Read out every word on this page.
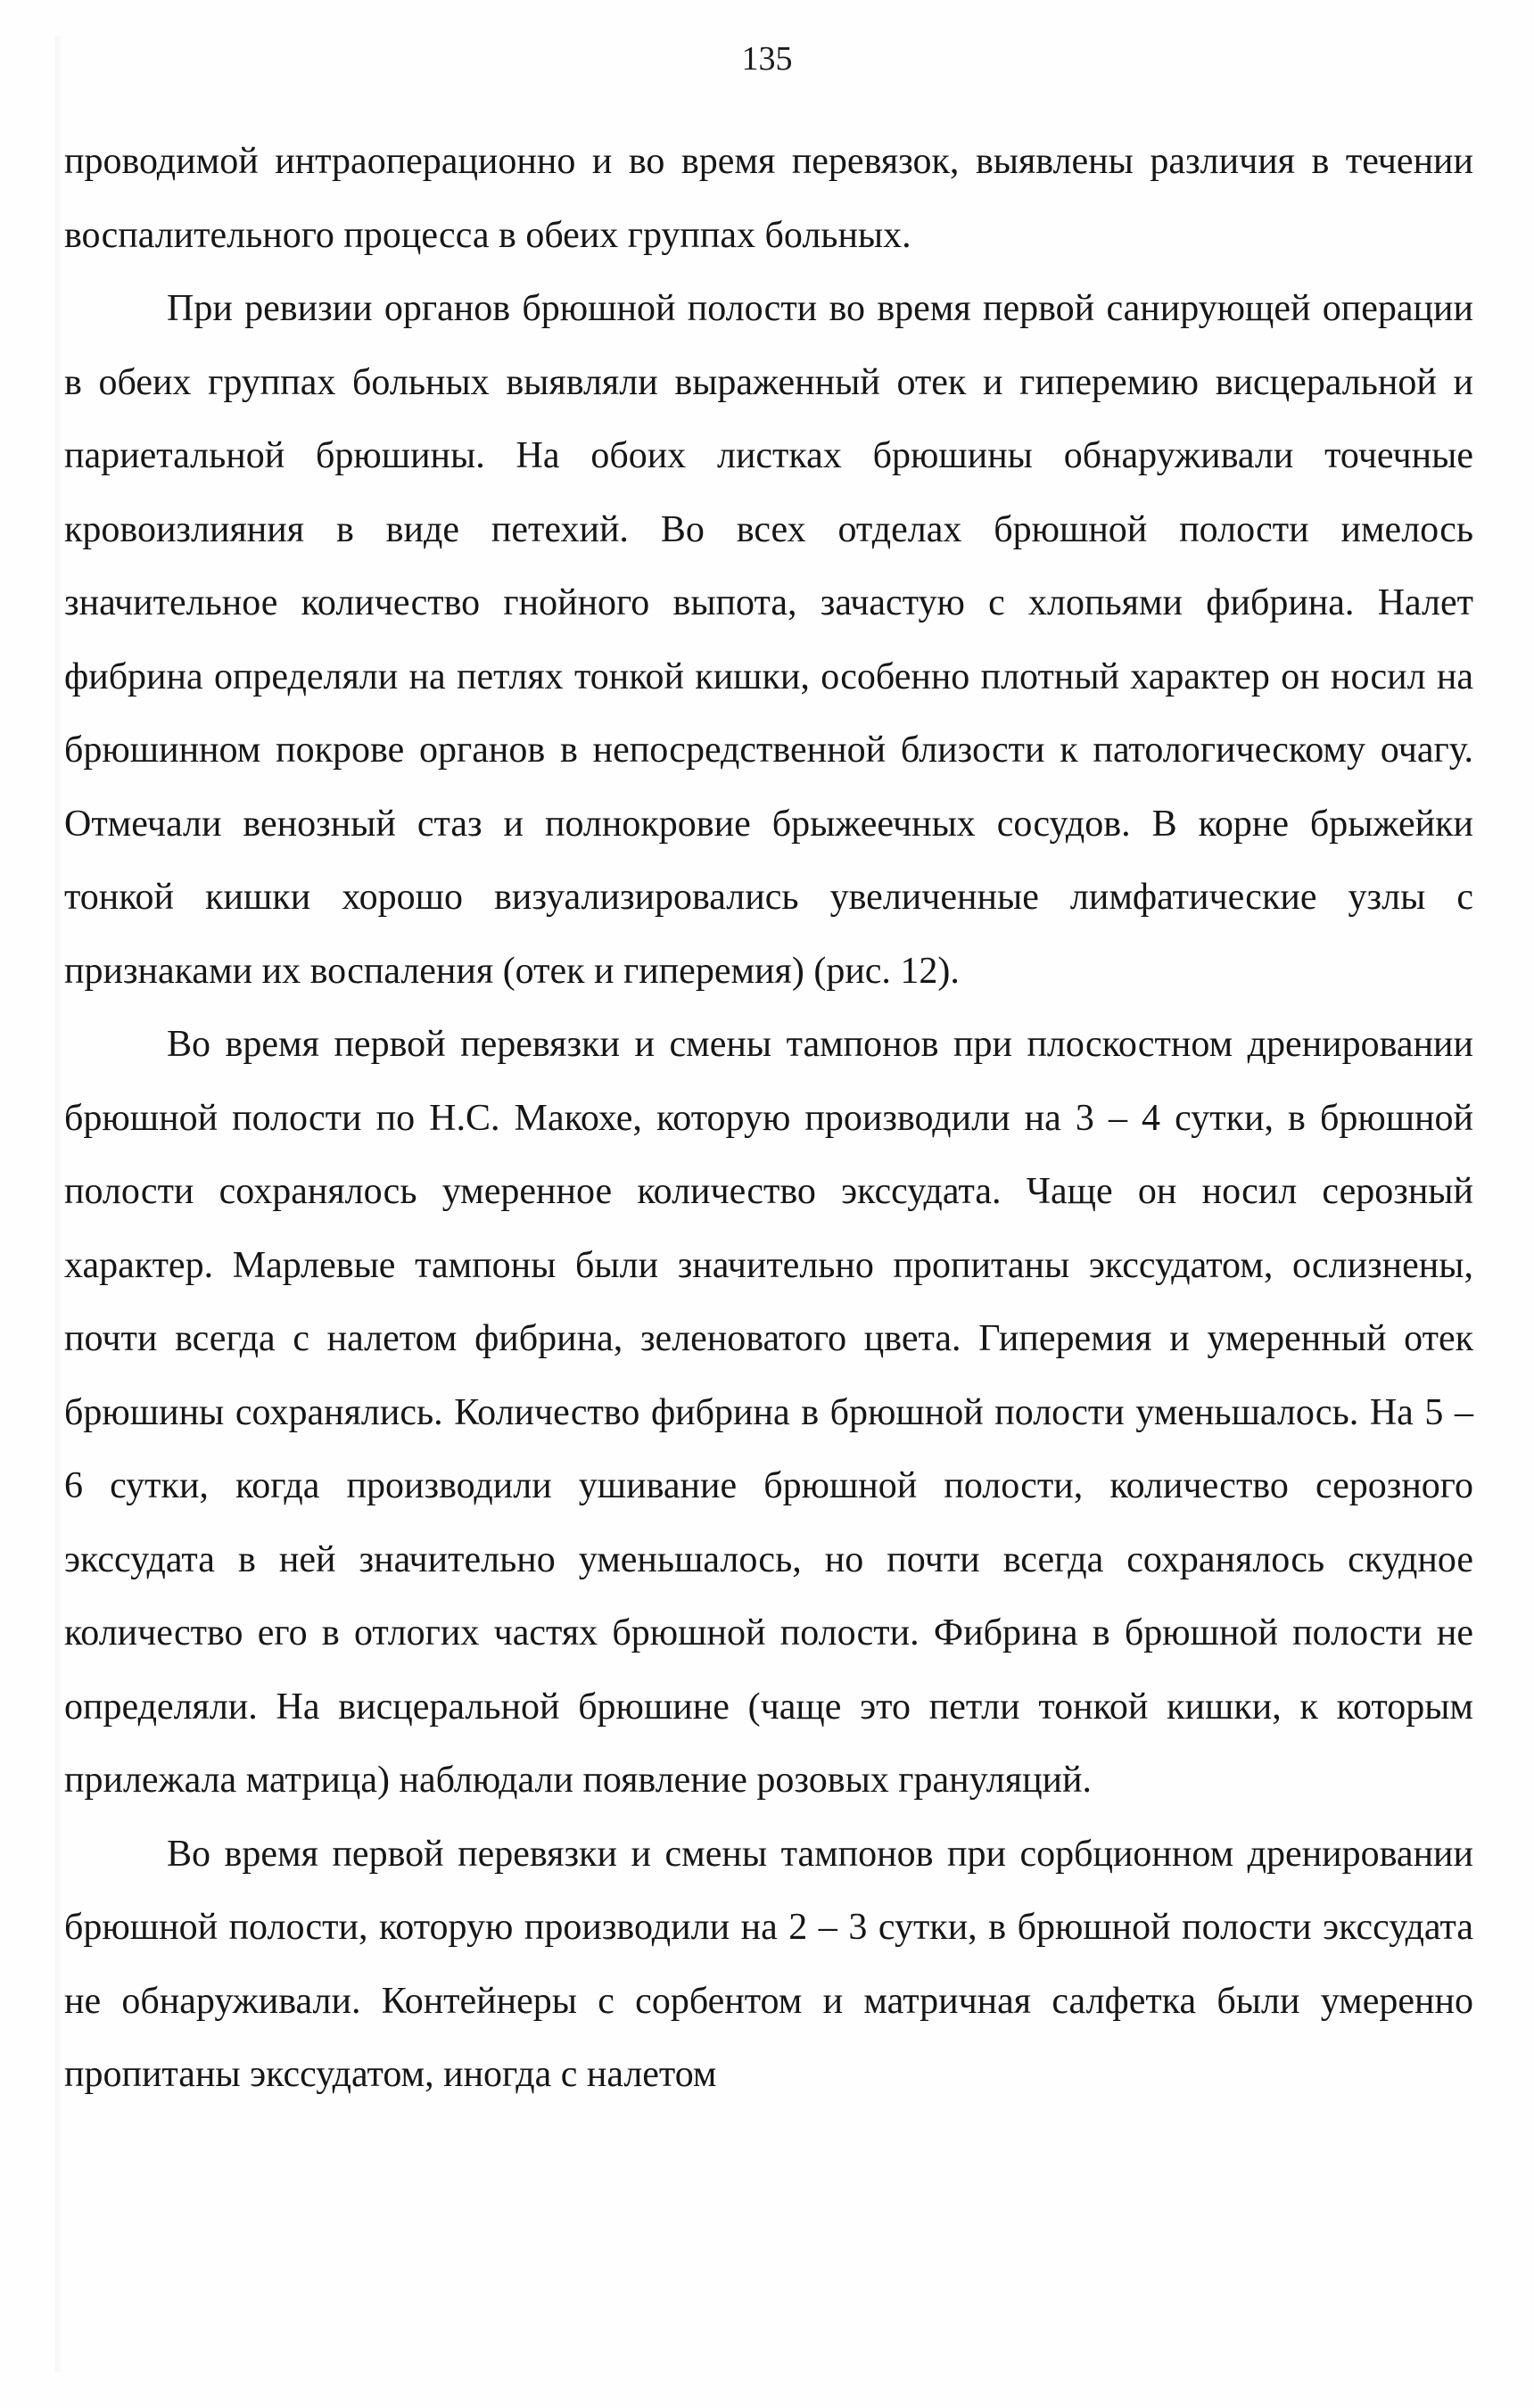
135

проводимой интраоперационно и во время перевязок, выявлены различия в течении воспалительного процесса в обеих группах больных.

При ревизии органов брюшной полости во время первой санирующей операции в обеих группах больных выявляли выраженный отек и гиперемию висцеральной и париетальной брюшины. На обоих листках брюшины обнаруживали точечные кровоизлияния в виде петехий. Во всех отделах брюшной полости имелось значительное количество гнойного выпота, зачастую с хлопьями фибрина. Налет фибрина определяли на петлях тонкой кишки, особенно плотный характер он носил на брюшинном покрове органов в непосредственной близости к патологическому очагу. Отмечали венозный стаз и полнокровие брыжеечных сосудов. В корне брыжейки тонкой кишки хорошо визуализировались увеличенные лимфатические узлы с признаками их воспаления (отек и гиперемия) (рис. 12).

Во время первой перевязки и смены тампонов при плоскостном дренировании брюшной полости по Н.С. Макохе, которую производили на 3 – 4 сутки, в брюшной полости сохранялось умеренное количество экссудата. Чаще он носил серозный характер. Марлевые тампоны были значительно пропитаны экссудатом, ослизнены, почти всегда с налетом фибрина, зеленоватого цвета. Гиперемия и умеренный отек брюшины сохранялись. Количество фибрина в брюшной полости уменьшалось. На 5 – 6 сутки, когда производили ушивание брюшной полости, количество серозного экссудата в ней значительно уменьшалось, но почти всегда сохранялось скудное количество его в отлогих частях брюшной полости. Фибрина в брюшной полости не определяли. На висцеральной брюшине (чаще это петли тонкой кишки, к которым прилежала матрица) наблюдали появление розовых грануляций.

Во время первой перевязки и смены тампонов при сорбционном дренировании брюшной полости, которую производили на 2 – 3 сутки, в брюшной полости экссудата не обнаруживали. Контейнеры с сорбентом и матричная салфетка были умеренно пропитаны экссудатом, иногда с налетом
